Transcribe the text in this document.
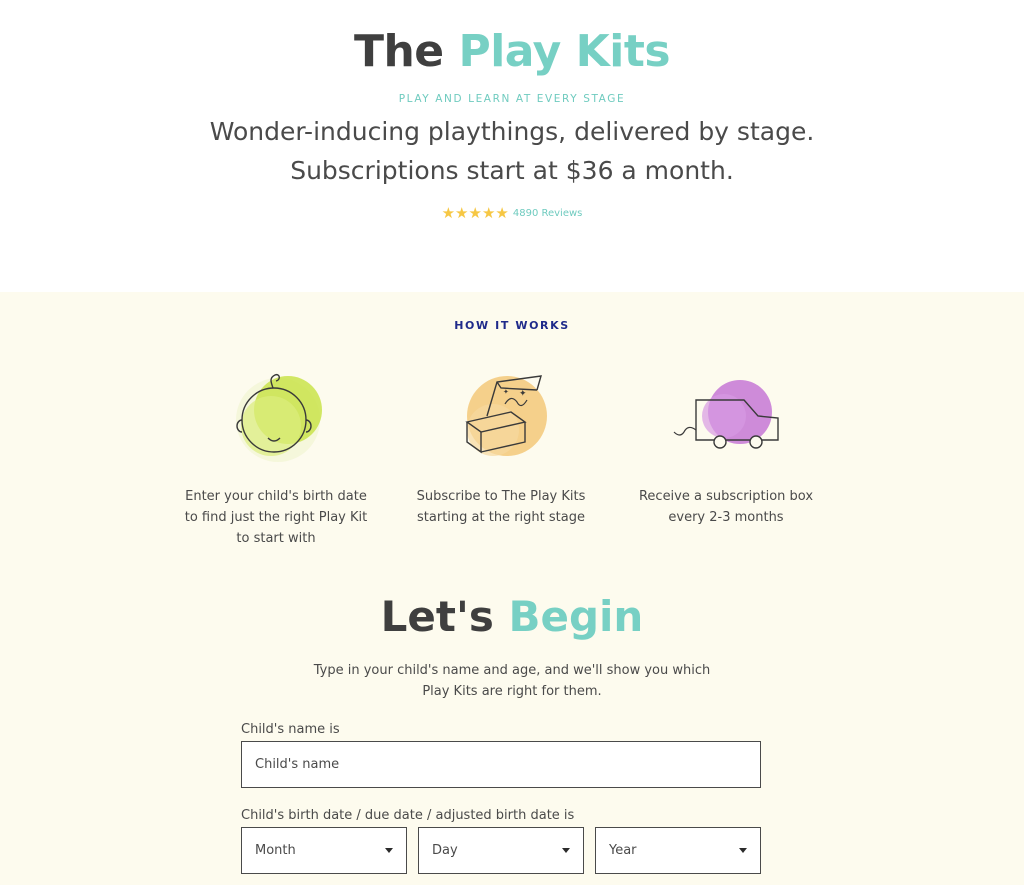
The Play Kits
PLAY AND LEARN AT EVERY STAGE
Wonder-inducing playthings, delivered by stage.
Subscriptions start at $36 a month.
★★★★★ 4890 Reviews
HOW IT WORKS
Enter your child's birth date
to find just the right Play Kit
to start with
✦
✦
Subscribe to The Play Kits
starting at the right stage
Receive a subscription box
every 2-3 months
Let's Begin
Type in your child's name and age, and we'll show you which
Play Kits are right for them.
Child's name is
Child's name
Child's birth date / due date / adjusted birth date is
Month	Day	Year
